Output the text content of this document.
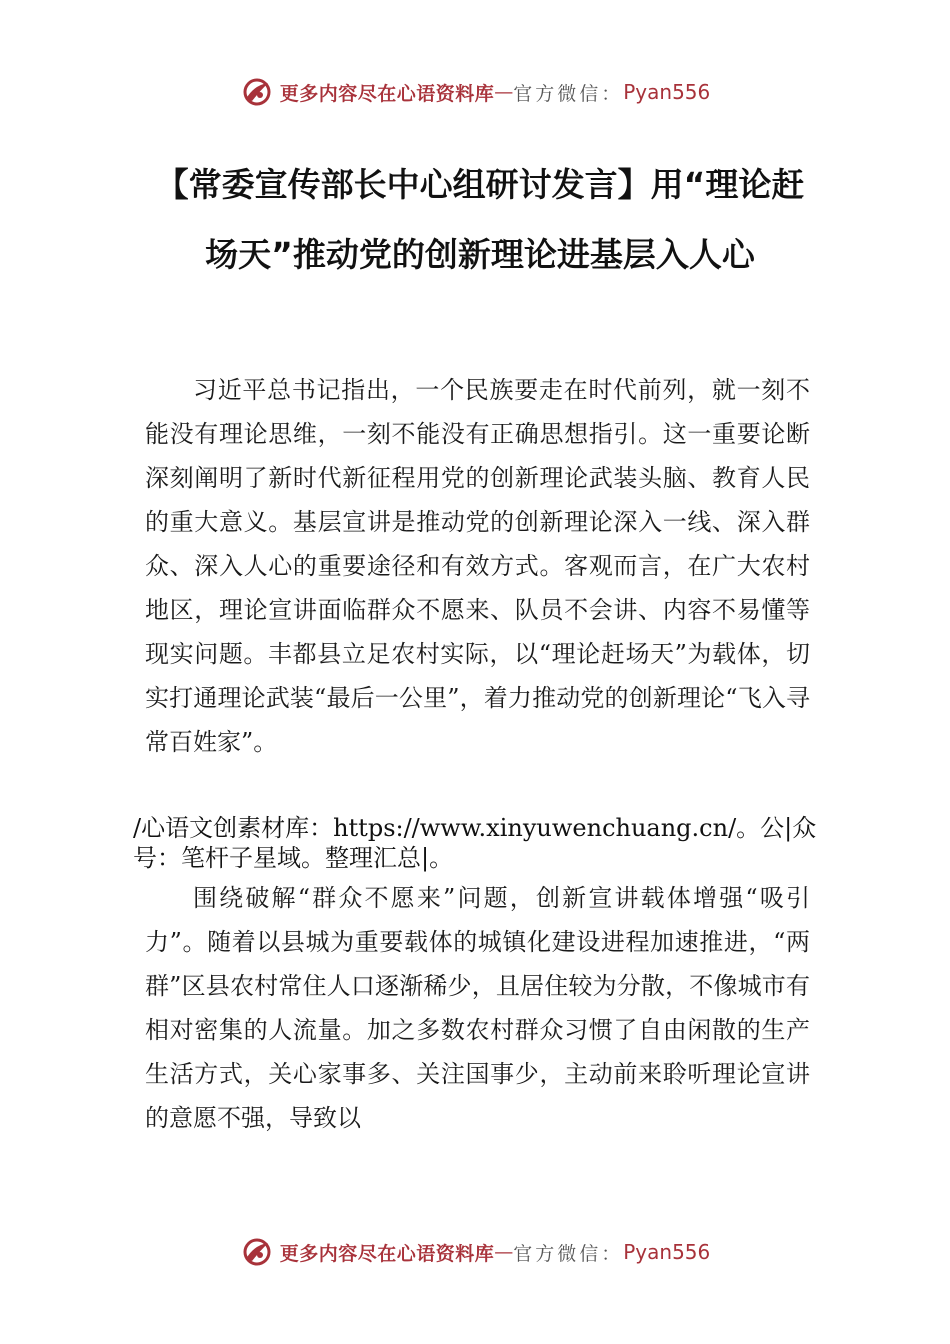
更多内容尽在心语资料库 — 官方微信： Pyan556
【常委宣传部长中心组研讨发言】用“理论赶场天”推动党的创新理论进基层入人心

习近平总书记指出，一个民族要走在时代前列，就一刻不能没有理论思维，一刻不能没有正确思想指引。这一重要论断深刻阐明了新时代新征程用党的创新理论武装头脑、教育人民的重大意义。基层宣讲是推动党的创新理论深入一线、深入群众、深入人心的重要途径和有效方式。客观而言，在广大农村地区，理论宣讲面临群众不愿来、队员不会讲、内容不易懂等现实问题。丰都县立足农村实际，以“理论赶场天”为载体，切实打通理论武装“最后一公里”，着力推动党的创新理论“飞入寻常百姓家”。

/心语文创素材库：https://www.xinyuwenchuang.cn/。公|众号：笔杆子星域。整理汇总|。

围绕破解“群众不愿来”问题，创新宣讲载体增强“吸引力”。随着以县城为重要载体的城镇化建设进程加速推进，“两群”区县农村常住人口逐渐稀少，且居住较为分散，不像城市有相对密集的人流量。加之多数农村群众习惯了自由闲散的生产生活方式，关心家事多、关注国事少，主动前来聆听理论宣讲的意愿不强，导致以

更多内容尽在心语资料库 — 官方微信： Pyan556
